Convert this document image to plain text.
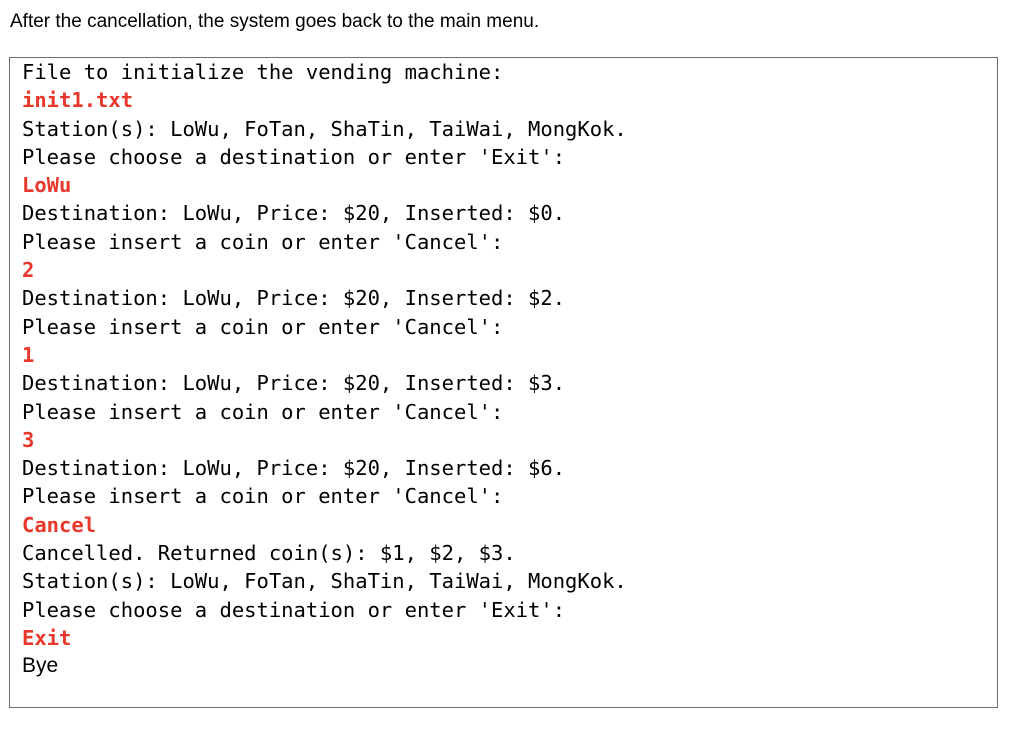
After the cancellation, the system goes back to the main menu.
File to initialize the vending machine:
init1.txt
Station(s): LoWu, FoTan, ShaTin, TaiWai, MongKok.
Please choose a destination or enter 'Exit':
LoWu
Destination: LoWu, Price: $20, Inserted: $0.
Please insert a coin or enter 'Cancel':
2
Destination: LoWu, Price: $20, Inserted: $2.
Please insert a coin or enter 'Cancel':
1
Destination: LoWu, Price: $20, Inserted: $3.
Please insert a coin or enter 'Cancel':
3
Destination: LoWu, Price: $20, Inserted: $6.
Please insert a coin or enter 'Cancel':
Cancel
Cancelled. Returned coin(s): $1, $2, $3.
Station(s): LoWu, FoTan, ShaTin, TaiWai, MongKok.
Please choose a destination or enter 'Exit':
Exit
Bye
